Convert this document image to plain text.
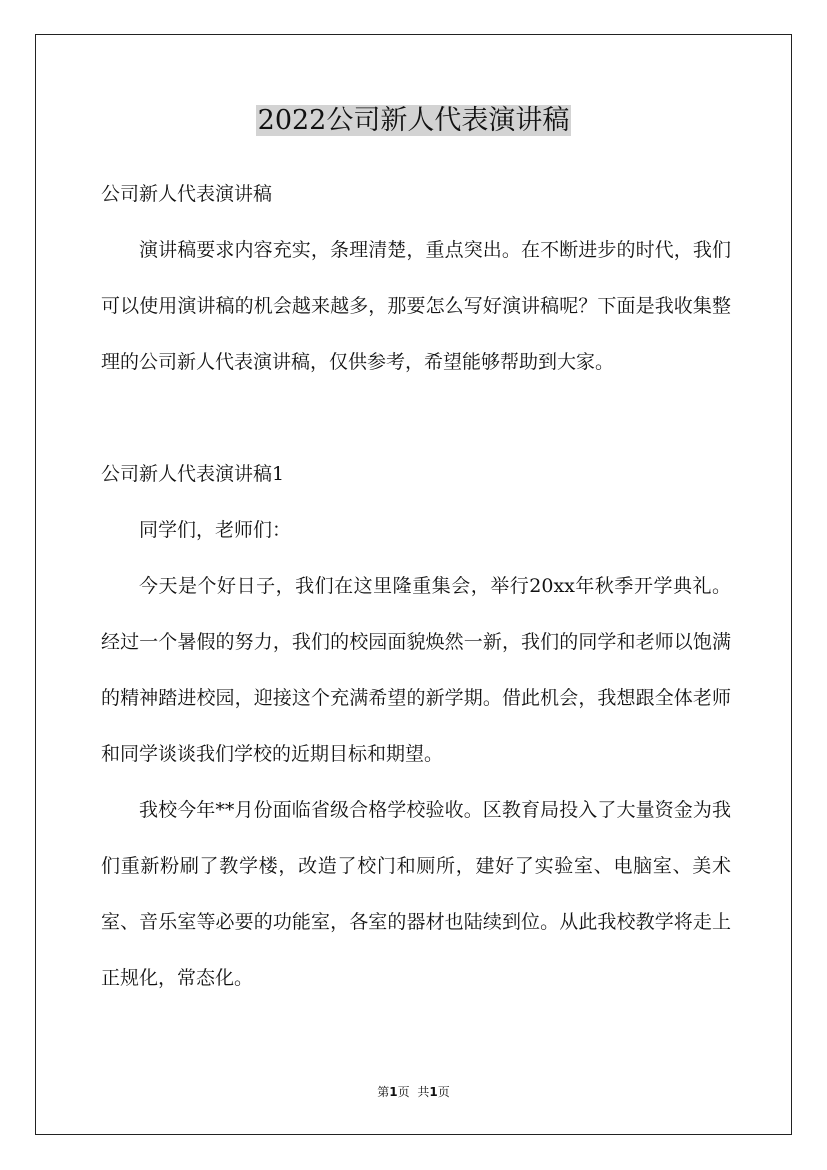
2022公司新人代表演讲稿

公司新人代表演讲稿

演讲稿要求内容充实，条理清楚，重点突出。在不断进步的时代，我们可以使用演讲稿的机会越来越多，那要怎么写好演讲稿呢？下面是我收集整理的公司新人代表演讲稿，仅供参考，希望能够帮助到大家。

公司新人代表演讲稿1

同学们，老师们：

今天是个好日子，我们在这里隆重集会，举行20xx年秋季开学典礼。经过一个暑假的努力，我们的校园面貌焕然一新，我们的同学和老师以饱满的精神踏进校园，迎接这个充满希望的新学期。借此机会，我想跟全体老师和同学谈谈我们学校的近期目标和期望。

我校今年**月份面临省级合格学校验收。区教育局投入了大量资金为我们重新粉刷了教学楼，改造了校门和厕所，建好了实验室、电脑室、美术室、音乐室等必要的功能室，各室的器材也陆续到位。从此我校教学将走上正规化，常态化。

第1页 共1页
